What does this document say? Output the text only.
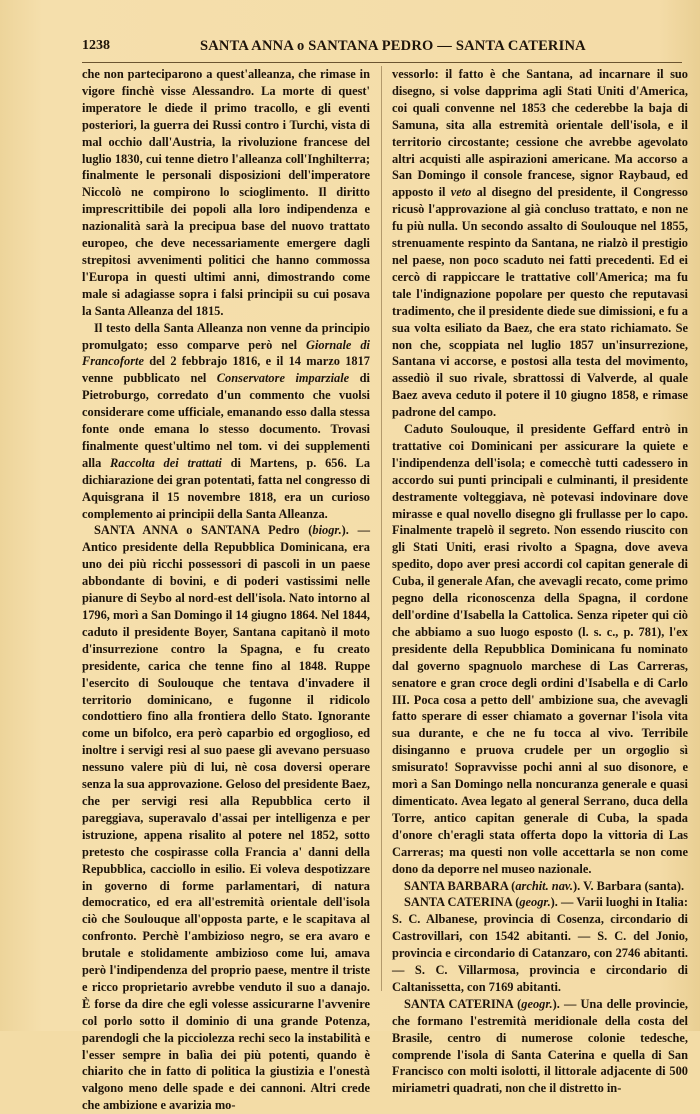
1238	SANTA ANNA o SANTANA PEDRO — SANTA CATERINA

che non parteciparono a quest'alleanza, che rimase in vigore finchè visse Alessandro. La morte di quest' imperatore le diede il primo tracollo, e gli eventi posteriori, la guerra dei Russi contro i Turchi, vista di mal occhio dall'Austria, la rivoluzione francese del luglio 1830, cui tenne dietro l'alleanza coll'Inghilterra; finalmente le personali disposizioni dell'imperatore Niccolò ne compirono lo scioglimento. Il diritto imprescrittibile dei popoli alla loro indipendenza e nazionalità sarà la precipua base del nuovo trattato europeo, che deve necessariamente emergere dagli strepitosi avvenimenti politici che hanno commossa l'Europa in questi ultimi anni, dimostrando come male si adagiasse sopra i falsi principii su cui posava la Santa Alleanza del 1815.

Il testo della Santa Alleanza non venne da principio promulgato; esso comparve però nel Giornale di Francoforte del 2 febbrajo 1816, e il 14 marzo 1817 venne pubblicato nel Conservatore imparziale di Pietroburgo, corredato d'un commento che vuolsi considerare come ufficiale, emanando esso dalla stessa fonte onde emana lo stesso documento. Trovasi finalmente quest'ultimo nel tom. vi dei supplementi alla Raccolta dei trattati di Martens, p. 656. La dichiarazione dei gran potentati, fatta nel congresso di Aquisgrana il 15 novembre 1818, era un curioso complemento ai principii della Santa Alleanza.

SANTA ANNA o SANTANA Pedro (biogr.). — Antico presidente della Repubblica Dominicana, era uno dei più ricchi possessori di pascoli in un paese abbondante di bovini, e di poderi vastissimi nelle pianure di Seybo al nord-est dell'isola. Nato intorno al 1796, morì a San Domingo il 14 giugno 1864. Nel 1844, caduto il presidente Boyer, Santana capitanò il moto d'insurrezione contro la Spagna, e fu creato presidente, carica che tenne fino al 1848. Ruppe l'esercito di Soulouque che tentava d'invadere il territorio dominicano, e fugonne il ridicolo condottiero fino alla frontiera dello Stato. Ignorante come un bifolco, era però caparbio ed orgoglioso, ed inoltre i servigi resi al suo paese gli avevano persuaso nessuno valere più di lui, nè cosa doversi operare senza la sua approvazione. Geloso del presidente Baez, che per servigi resi alla Repubblica certo il pareggiava, superavalo d'assai per intelligenza e per istruzione, appena risalito al potere nel 1852, sotto pretesto che cospirasse colla Francia a' danni della Repubblica, cacciollo in esilio. Ei voleva despotizzare in governo di forme parlamentari, di natura democratico, ed era all'estremità orientale dell'isola ciò che Soulouque all'opposta parte, e le scapitava al confronto. Perchè l'ambizioso negro, se era avaro e brutale e stolidamente ambizioso come lui, amava però l'indipendenza del proprio paese, mentre il triste e ricco proprietario avrebbe venduto il suo a danajo. È forse da dire che egli volesse assicurarne l'avvenire col porlo sotto il dominio di una grande Potenza, parendogli che la picciolezza rechi seco la instabilità e l'esser sempre in balìa dei più potenti, quando è chiarito che in fatto di politica la giustizia e l'onestà valgono meno delle spade e dei cannoni. Altri crede che ambizione e avarizia mo-

vessorlo: il fatto è che Santana, ad incarnare il suo disegno, si volse dapprima agli Stati Uniti d'America, coi quali convenne nel 1853 che cederebbe la baja di Samuna, sita alla estremità orientale dell'isola, e il territorio circostante; cessione che avrebbe agevolato altri acquisti alle aspirazioni americane. Ma accorso a San Domingo il console francese, signor Raybaud, ed apposto il veto al disegno del presidente, il Congresso ricusò l'approvazione al già concluso trattato, e non ne fu più nulla. Un secondo assalto di Soulouque nel 1855, strenuamente respinto da Santana, ne rialzò il prestigio nel paese, non poco scaduto nei fatti precedenti. Ed ei cercò di rappiccare le trattative coll'America; ma fu tale l'indignazione popolare per questo che reputavasi tradimento, che il presidente diede sue dimissioni, e fu a sua volta esiliato da Baez, che era stato richiamato. Se non che, scoppiata nel luglio 1857 un'insurrezione, Santana vi accorse, e postosi alla testa del movimento, assediò il suo rivale, sbrattossi di Valverde, al quale Baez aveva ceduto il potere il 10 giugno 1858, e rimase padrone del campo.

Caduto Soulouque, il presidente Geffard entrò in trattative coi Dominicani per assicurare la quiete e l'indipendenza dell'isola; e comecchè tutti cadessero in accordo sui punti principali e culminanti, il presidente destramente volteggiava, nè potevasi indovinare dove mirasse e qual novello disegno gli frullasse per lo capo. Finalmente trapelò il segreto. Non essendo riuscito con gli Stati Uniti, erasi rivolto a Spagna, dove aveva spedito, dopo aver presi accordi col capitan generale di Cuba, il generale Afan, che avevagli recato, come primo pegno della riconoscenza della Spagna, il cordone dell'ordine d'Isabella la Cattolica. Senza ripeter qui ciò che abbiamo a suo luogo esposto (l. s. c., p. 781), l'ex presidente della Repubblica Dominicana fu nominato dal governo spagnuolo marchese di Las Carreras, senatore e gran croce degli ordini d'Isabella e di Carlo III. Poca cosa a petto dell' ambizione sua, che avevagli fatto sperare di esser chiamato a governar l'isola vita sua durante, e che ne fu tocca al vivo. Terribile disinganno e pruova crudele per un orgoglio sì smisurato! Sopravvisse pochi anni al suo disonore, e morì a San Domingo nella noncuranza generale e quasi dimenticato. Avea legato al general Serrano, duca della Torre, antico capitan generale di Cuba, la spada d'onore ch'eragli stata offerta dopo la vittoria di Las Carreras; ma questi non volle accettarla se non come dono da deporre nel museo nazionale.

SANTA BARBARA (archit. nav.). V. Barbara (santa).

SANTA CATERINA (geogr.). — Varii luoghi in Italia: S. C. Albanese, provincia di Cosenza, circondario di Castrovillari, con 1542 abitanti. — S. C. del Jonio, provincia e circondario di Catanzaro, con 2746 abitanti. — S. C. Villarmosa, provincia e circondario di Caltanissetta, con 7169 abitanti.

SANTA CATERINA (geogr.). — Una delle provincie, che formano l'estremità meridionale della costa del Brasile, centro di numerose colonie tedesche, comprende l'isola di Santa Caterina e quella di San Francisco con molti isolotti, il littorale adjacente di 500 miriametri quadrati, non che il distretto in-
